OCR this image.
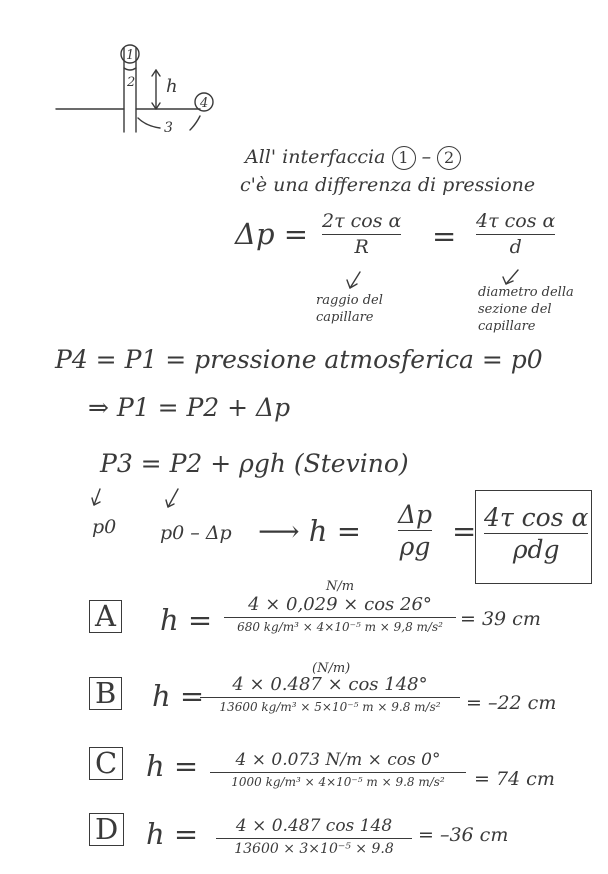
1
2 h
3
4
All' interfaccia 1 – 2
c'è una differenza di pressione
Δp = 2τ cos α
R = 4τ cos α
d
raggio del capillare
diametro della sezione del capillare
P4 = P1 = pressione atmosferica = p0
⇒ P1 = P2 + Δp
P3 = P2 + ρgh (Stevino)
p0 p0 – Δp ⟶ h = Δp
ρg = 4τ cos α
ρdg
A h =
N/m
4 × 0,029 × cos 26°
680 kg/m³ × 4×10⁻⁵ m × 9,8 m/s² = 39 cm
B h =
(N/m)
4 × 0.487 × cos 148°
13600 kg/m³ × 5×10⁻⁵ m × 9.8 m/s² = –22 cm
C h = 4 × 0.073 N/m × cos 0°
1000 kg/m³ × 4×10⁻⁵ m × 9.8 m/s² = 74 cm
D h = 4 × 0.487 cos 148
13600 × 3×10⁻⁵ × 9.8
= –36 cm
